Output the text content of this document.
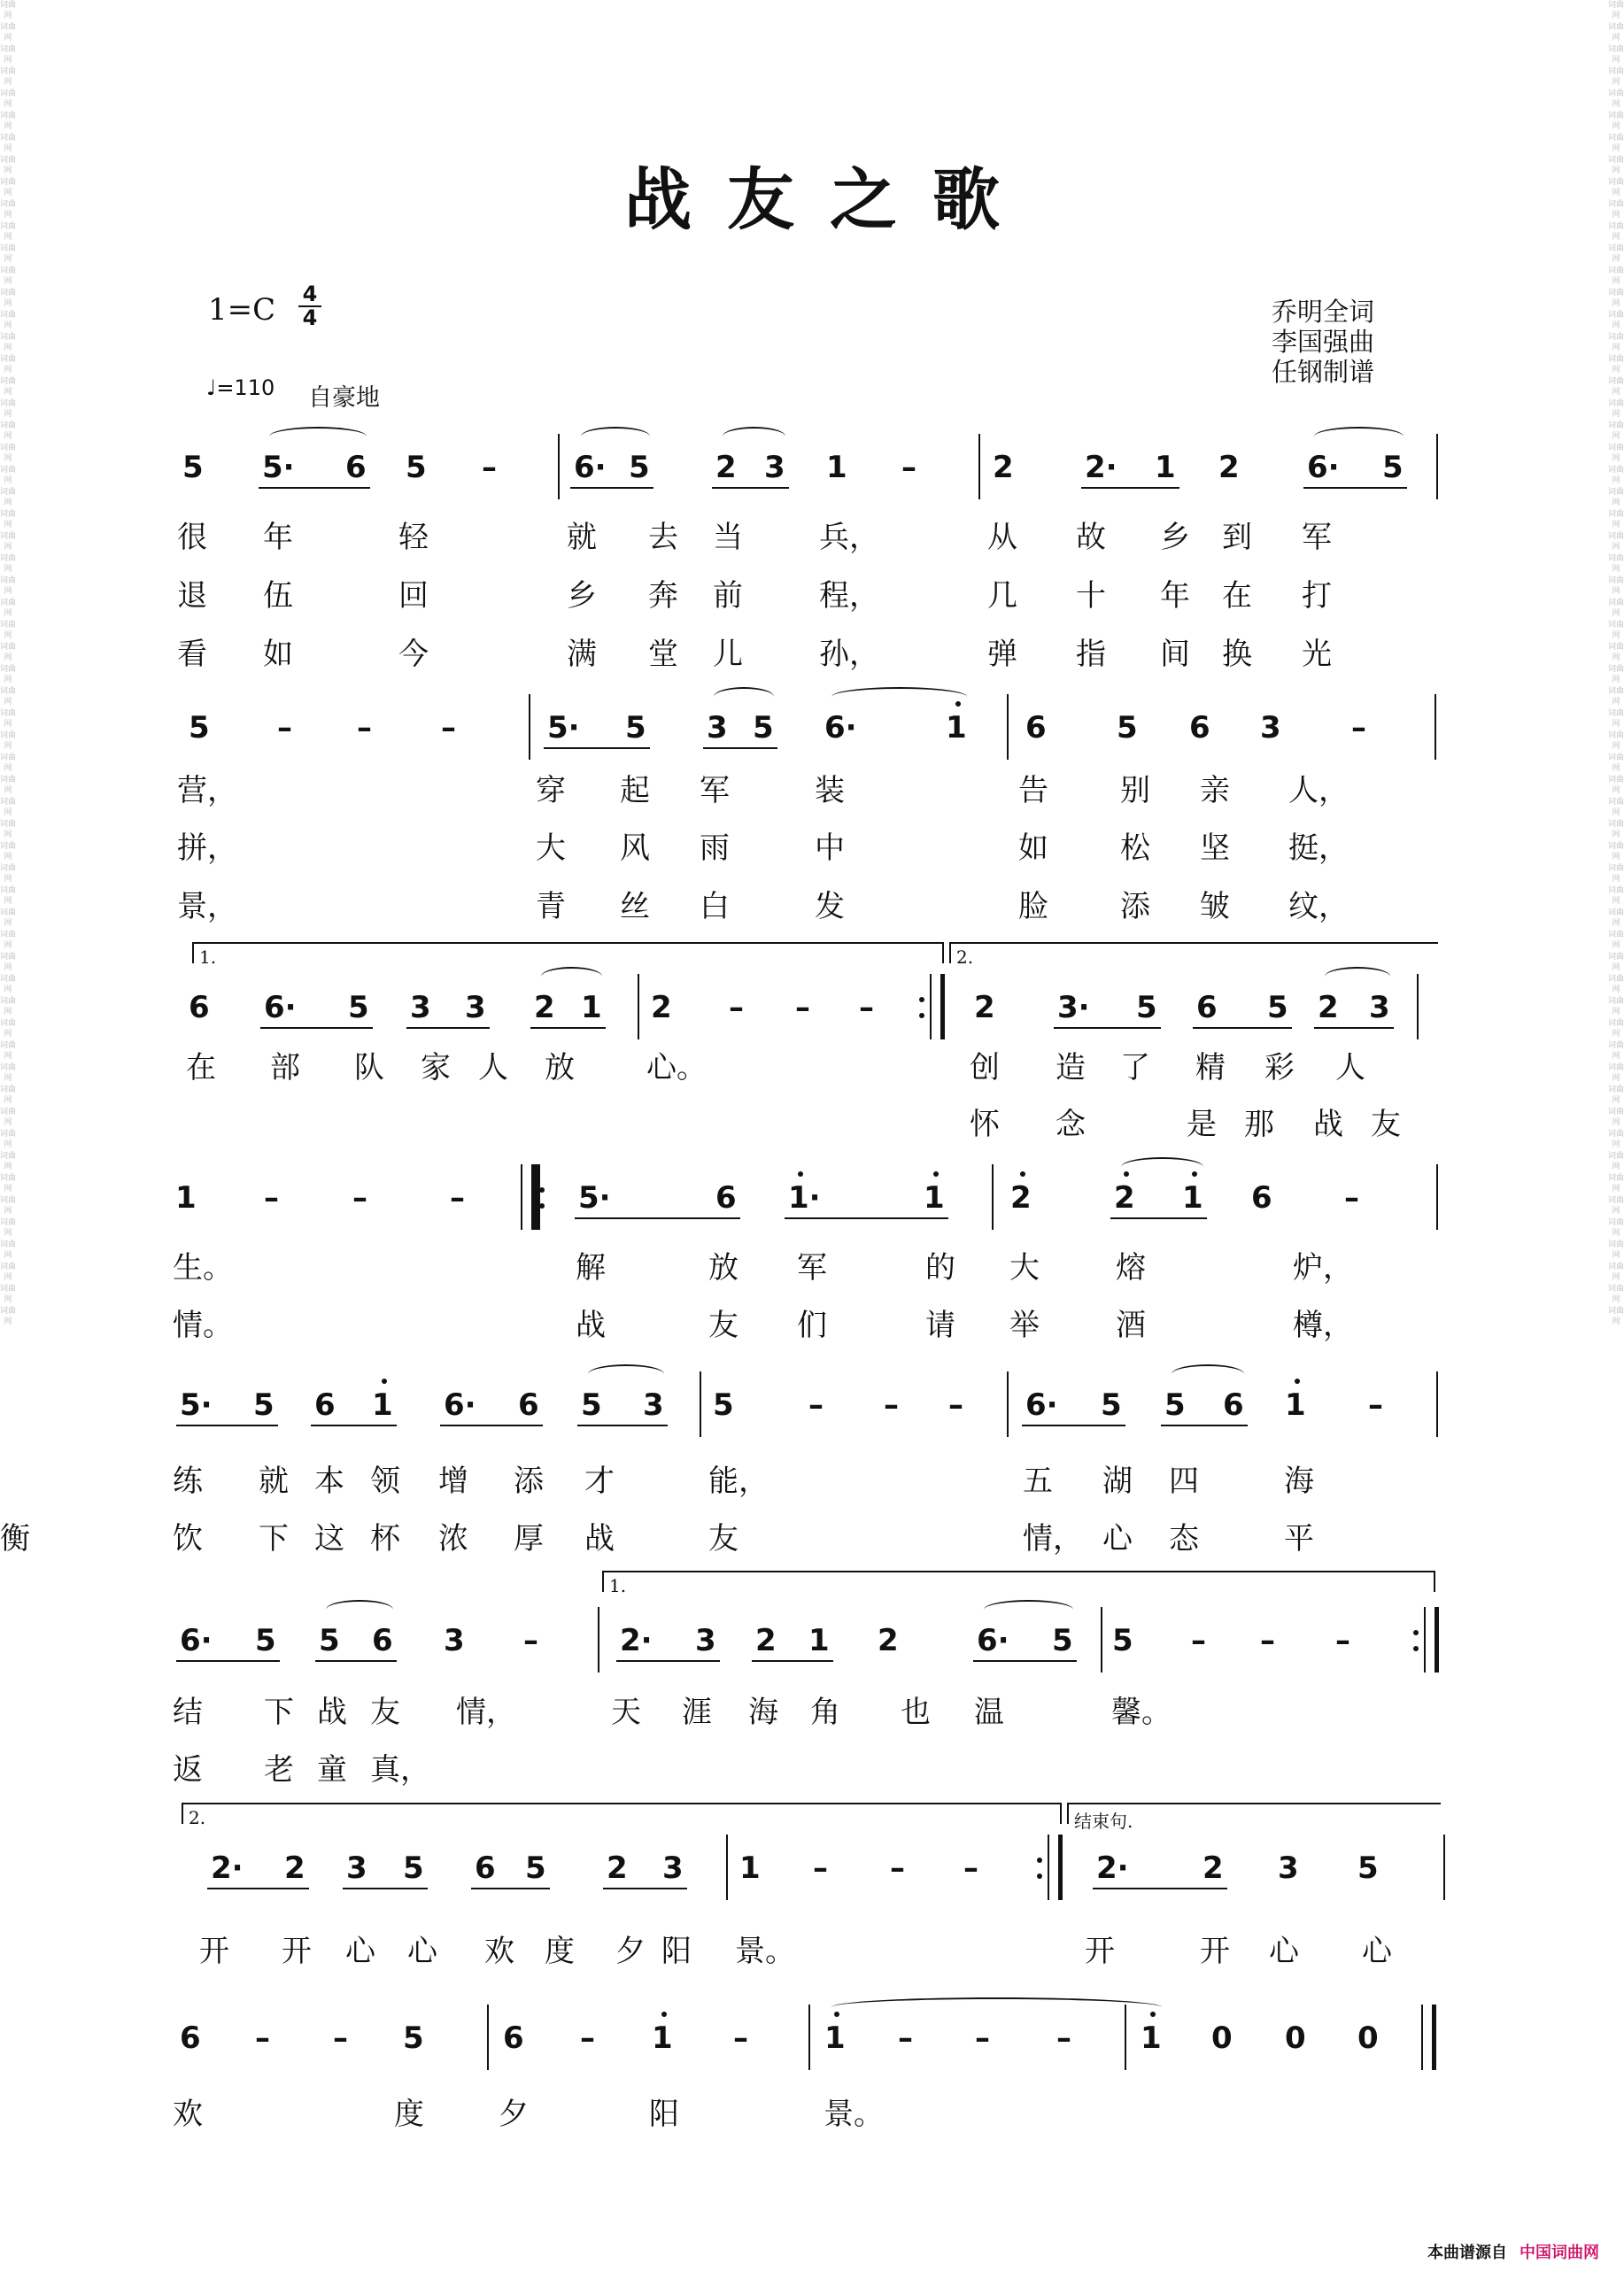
词曲网
词曲网
词曲网
词曲网
词曲网
词曲网
词曲网
词曲网
词曲网
词曲网
词曲网
词曲网
词曲网
词曲网
词曲网
词曲网
词曲网
词曲网
词曲网
词曲网
词曲网
词曲网
词曲网
词曲网
词曲网
词曲网
词曲网
词曲网
词曲网
词曲网
词曲网
词曲网
词曲网
词曲网
词曲网
词曲网
词曲网
词曲网
词曲网
词曲网
词曲网
词曲网
词曲网
词曲网
词曲网
词曲网
词曲网
词曲网
词曲网
词曲网
词曲网
词曲网
词曲网
词曲网
词曲网
词曲网
词曲网
词曲网
词曲网
词曲网
词曲网
词曲网
词曲网
词曲网
词曲网
词曲网
词曲网
词曲网
词曲网
词曲网
词曲网
词曲网
词曲网
词曲网
词曲网
词曲网
词曲网
词曲网
词曲网
词曲网
词曲网
词曲网
词曲网
词曲网
词曲网
词曲网
词曲网
词曲网
词曲网
词曲网
词曲网
词曲网
词曲网
词曲网
词曲网
词曲网
词曲网
词曲网
词曲网
词曲网
词曲网
词曲网
词曲网
词曲网
词曲网
词曲网
词曲网
词曲网
词曲网
词曲网
词曲网
词曲网
词曲网
词曲网
词曲网
词曲网
词曲网
词曲网
词曲网
词曲网
战友之歌
1=C 4
4
♩=110 自豪地
乔明全词
李国强曲
任钢制谱
5 5· 6 5 –	6· 5 2 3 1 –	2 2· 1 2 6· 5
很 年	轻	就 去 当	兵，	从 故 乡 到 军
退 伍	回	乡 奔 前	程，	几 十 年 在 打
看 如	今	满 堂 儿	孙，	弹 指 间 换 光
5 – – –	5· 5 3 5 6·	1 6 5 6 3 –
营，	穿 起 军	装	告 别 亲 人，
拼，	大 风 雨	中	如 松 坚 挺，
景，	青 丝 白	发	脸 添 皱 纹，
6 6· 5 3 3 2 1 2 – – –	2 3· 5 6 5 2 3
在 部 队 家 人 放 心。	创 造 了 精 彩 人
怀 念	是 那 战 友
1 – –	–	5·	6 1·	1 2	2 1 6 –
生。	解	放 军	的 大	熔	炉，
情。	战	友 们	请 举	酒	樽，
5· 5 6 1 6· 6 5 3 5 – – – 6· 5 5 6 1 –
练 就 本 领 增 添 才	能，	五 湖 四	海
饮 下 这 杯 浓 厚 战	友	情， 心 态	平
衡
6· 5 5 6 3 –	2· 3 2 1 2	6· 5 5 – – –
结 下 战 友 情，	天 涯 海 角 也 温	馨。
返 老 童 真，
2· 2 3 5 6 5 2 3 1 – – –	2· 2 3 5
开 开 心 心 欢 度 夕 阳 景。	开	开 心 心
6 – – 5	6 – 1 –	1 – – – 1 0 0 0
欢	度 夕	阳	景。
1.	2.
1.
2.	结束句.
本曲谱源自 中国词曲网
